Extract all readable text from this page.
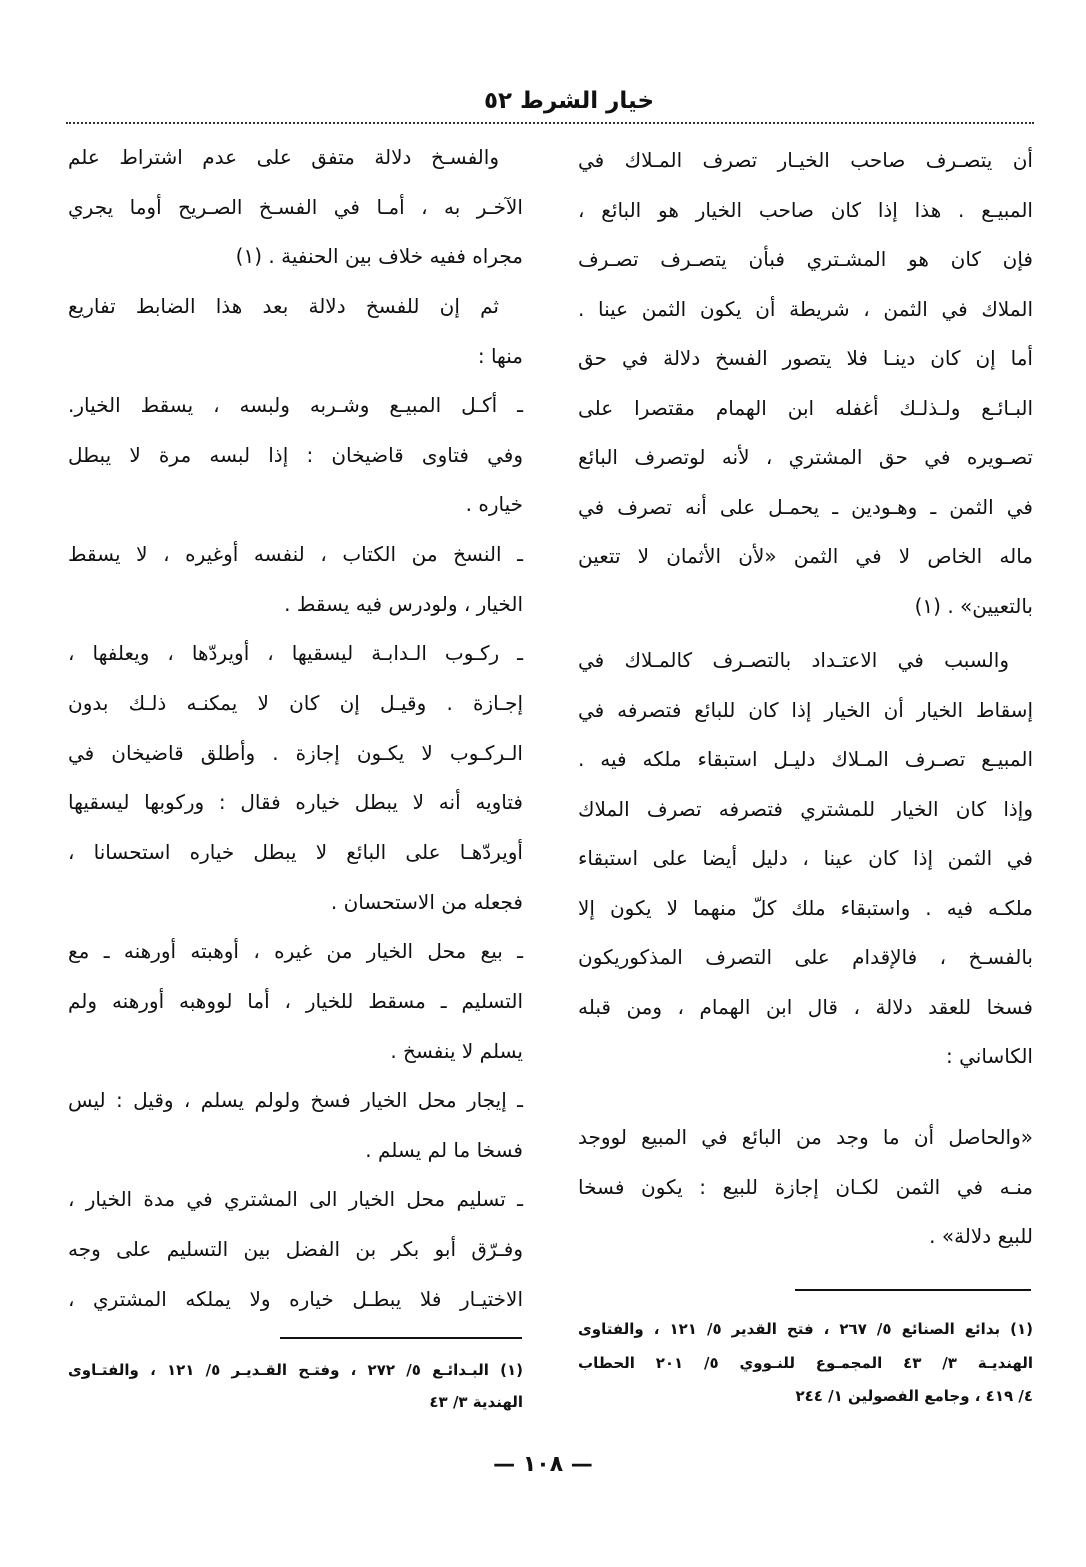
خيار الشرط ٥٢
أن يتصـرف صاحب الخيـار تصرف المـلاك في
المبيـع . هذا إذا كان صاحب الخيار هو البائع ،
فإن كان هو المشـتري فبأن يتصـرف تصـرف
الملاك في الثمن ، شريطة أن يكون الثمن عينا .
أما إن كان دينـا فلا يتصور الفسخ دلالة في حق
البـائـع ولـذلـك أغفله ابن الهمام مقتصرا على
تصـويره في حق المشتري ، لأنه لوتصرف البائع
في الثمن ـ وهـودين ـ يحمـل على أنه تصرف في
ماله الخاص لا في الثمن «لأن الأثمان لا تتعين
بالتعيين» . (١)
والسبب في الاعتـداد بالتصـرف كالمـلاك في
إسقاط الخيار أن الخيار إذا كان للبائع فتصرفه في
المبيـع تصـرف المـلاك دليـل استبقاء ملكه فيه .
وإذا كان الخيار للمشتري فتصرفه تصرف الملاك
في الثمن إذا كان عينا ، دليل أيضا على استبقاء
ملكـه فيه . واستبقاء ملك كلّ منهما لا يكون إلا
بالفسـخ ، فالإقدام على التصرف المذكوريكون
فسخا للعقد دلالة ، قال ابن الهمام ، ومن قبله
الكاساني :
«والحاصل أن ما وجد من البائع في المبيع لووجد
منـه في الثمن لكـان إجازة للبيع : يكون فسخا
للبيع دلالة» .
(١) بدائع الصنائع ٥/ ٢٦٧ ، فتح القدير ٥/ ١٢١ ، والفتاوى
الهنديـة ٣/ ٤٣ المجمـوع للنـووي ٥/ ٢٠١ الحطاب
٤/ ٤١٩ ، وجامع الفصولين ١/ ٢٤٤
والفسـخ دلالة متفق على عدم اشتراط علم
الآخـر به ، أمـا في الفسـخ الصـريح أوما يجري
مجراه ففيه خلاف بين الحنفية . (١)
ثم إن للفسخ دلالة بعد هذا الضابط تفاريع
منها :
ـ أكـل المبيـع وشـربه ولبسه ، يسقط الخيار.
وفي فتاوى قاضيخان : إذا لبسه مرة لا يبطل
خياره .
ـ النسخ من الكتاب ، لنفسه أوغيره ، لا يسقط
الخيار ، ولودرس فيه يسقط .
ـ ركـوب الـدابـة ليسقيها ، أويردّها ، ويعلفها ،
إجـازة . وقيـل إن كان لا يمكنـه ذلـك بدون
الـركـوب لا يكـون إجازة . وأطلق قاضيخان في
فتاويه أنه لا يبطل خياره فقال : وركوبها ليسقيها
أويردّهـا على البائع لا يبطل خياره استحسانا ،
فجعله من الاستحسان .
ـ بيع محل الخيار من غيره ، أوهبته أورهنه ـ مع
التسليم ـ مسقط للخيار ، أما لووهبه أورهنه ولم
يسلم لا ينفسخ .
ـ إيجار محل الخيار فسخ ولولم يسلم ، وقيل : ليس
فسخا ما لم يسلم .
ـ تسليم محل الخيار الى المشتري في مدة الخيار ،
وفـرّق أبو بكر بن الفضل بين التسليم على وجه
الاختيـار فلا يبطـل خياره ولا يملكه المشتري ،
(١) البـدائـع ٥/ ٢٧٢ ، وفتـح القـديـر ٥/ ١٢١ ، والفتـاوى
الهندية ٣/ ٤٣
— ١٠٨ —
